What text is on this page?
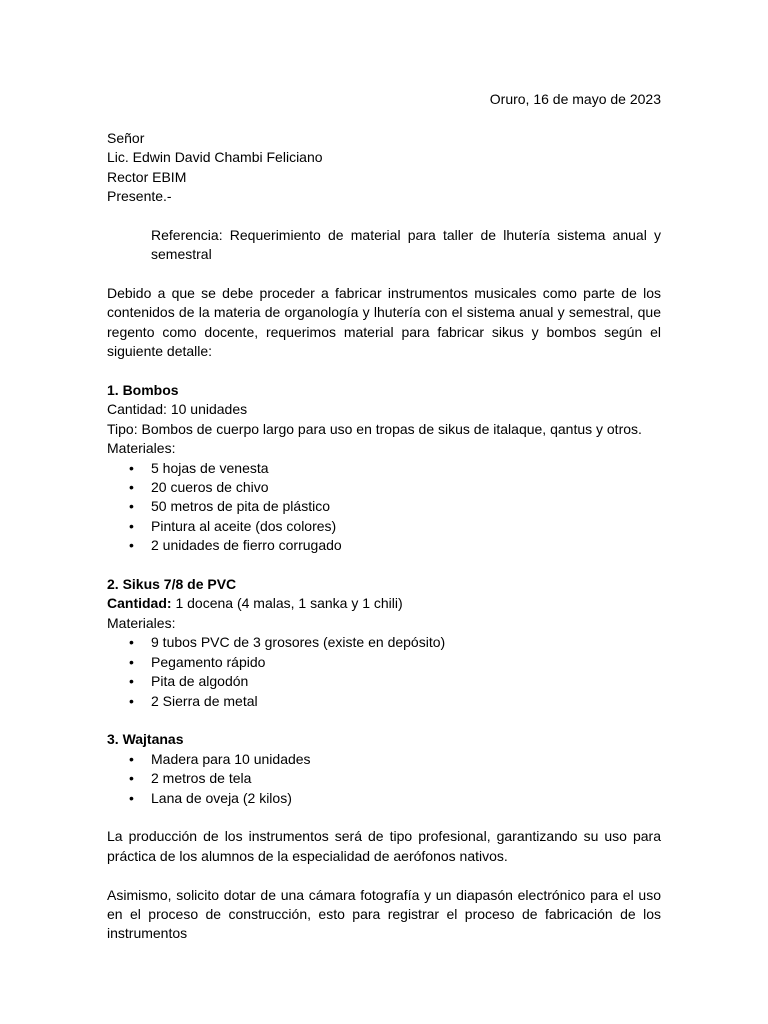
Oruro, 16 de mayo de 2023

Señor

Lic. Edwin David Chambi Feliciano

Rector EBIM

Presente.-

Referencia: Requerimiento de material para taller de lhutería sistema anual y semestral

Debido a que se debe proceder a fabricar instrumentos musicales como parte de los contenidos de la materia de organología y lhutería con el sistema anual y semestral, que regento como docente, requerimos material para fabricar sikus y bombos según el siguiente detalle:

1. Bombos

Cantidad: 10 unidades

Tipo: Bombos de cuerpo largo para uso en tropas de sikus de italaque, qantus y otros.

Materiales:

• 5 hojas de venesta
• 20 cueros de chivo
• 50 metros de pita de plástico
• Pintura al aceite (dos colores)
• 2 unidades de fierro corrugado

2. Sikus 7/8 de PVC

Cantidad: 1 docena (4 malas, 1 sanka y 1 chili)

Materiales:

• 9 tubos PVC de 3 grosores (existe en depósito)
• Pegamento rápido
• Pita de algodón
• 2 Sierra de metal

3. Wajtanas

• Madera para 10 unidades
• 2 metros de tela
• Lana de oveja (2 kilos)

La producción de los instrumentos será de tipo profesional, garantizando su uso para práctica de los alumnos de la especialidad de aerófonos nativos.

Asimismo, solicito dotar de una cámara fotografía y un diapasón electrónico para el uso en el proceso de construcción, esto para registrar el proceso de fabricación de los instrumentos
